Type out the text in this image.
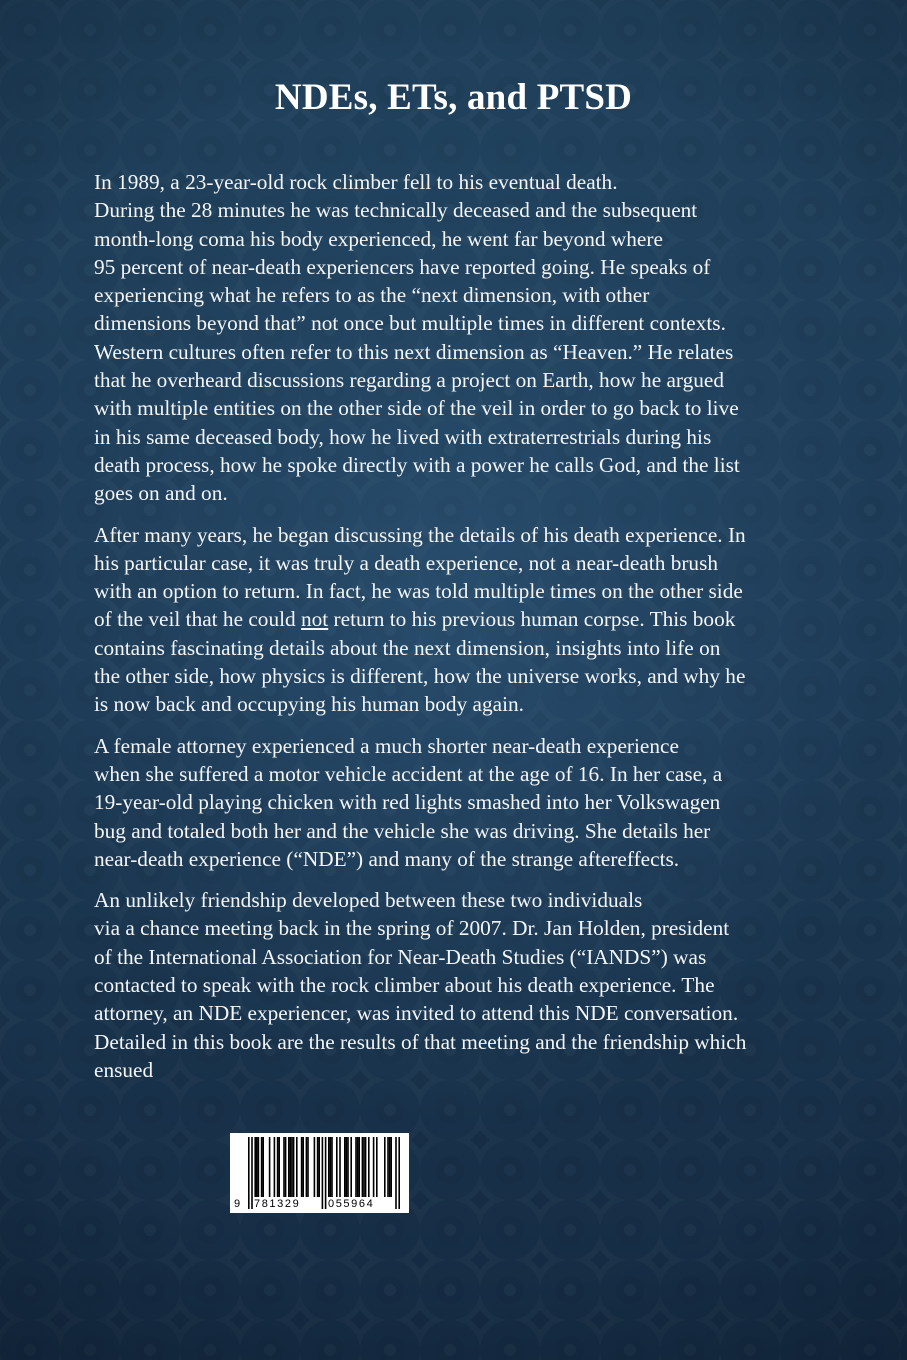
NDEs, ETs, and PTSD

In 1989, a 23-year-old rock climber fell to his eventual death.
During the 28 minutes he was technically deceased and the subsequent
month-long coma his body experienced, he went far beyond where
95 percent of near-death experiencers have reported going. He speaks of
experiencing what he refers to as the “next dimension, with other
dimensions beyond that” not once but multiple times in different contexts.
Western cultures often refer to this next dimension as “Heaven.” He relates
that he overheard discussions regarding a project on Earth, how he argued
with multiple entities on the other side of the veil in order to go back to live
in his same deceased body, how he lived with extraterrestrials during his
death process, how he spoke directly with a power he calls God, and the list
goes on and on.

After many years, he began discussing the details of his death experience. In
his particular case, it was truly a death experience, not a near-death brush
with an option to return. In fact, he was told multiple times on the other side
of the veil that he could not return to his previous human corpse. This book
contains fascinating details about the next dimension, insights into life on
the other side, how physics is different, how the universe works, and why he
is now back and occupying his human body again.

A female attorney experienced a much shorter near-death experience
when she suffered a motor vehicle accident at the age of 16. In her case, a
19-year-old playing chicken with red lights smashed into her Volkswagen
bug and totaled both her and the vehicle she was driving. She details her
near-death experience (“NDE”) and many of the strange aftereffects.

An unlikely friendship developed between these two individuals
via a chance meeting back in the spring of 2007. Dr. Jan Holden, president
of the International Association for Near-Death Studies (“IANDS”) was
contacted to speak with the rock climber about his death experience. The
attorney, an NDE experiencer, was invited to attend this NDE conversation.
Detailed in this book are the results of that meeting and the friendship which
ensued

9 781329	055964
